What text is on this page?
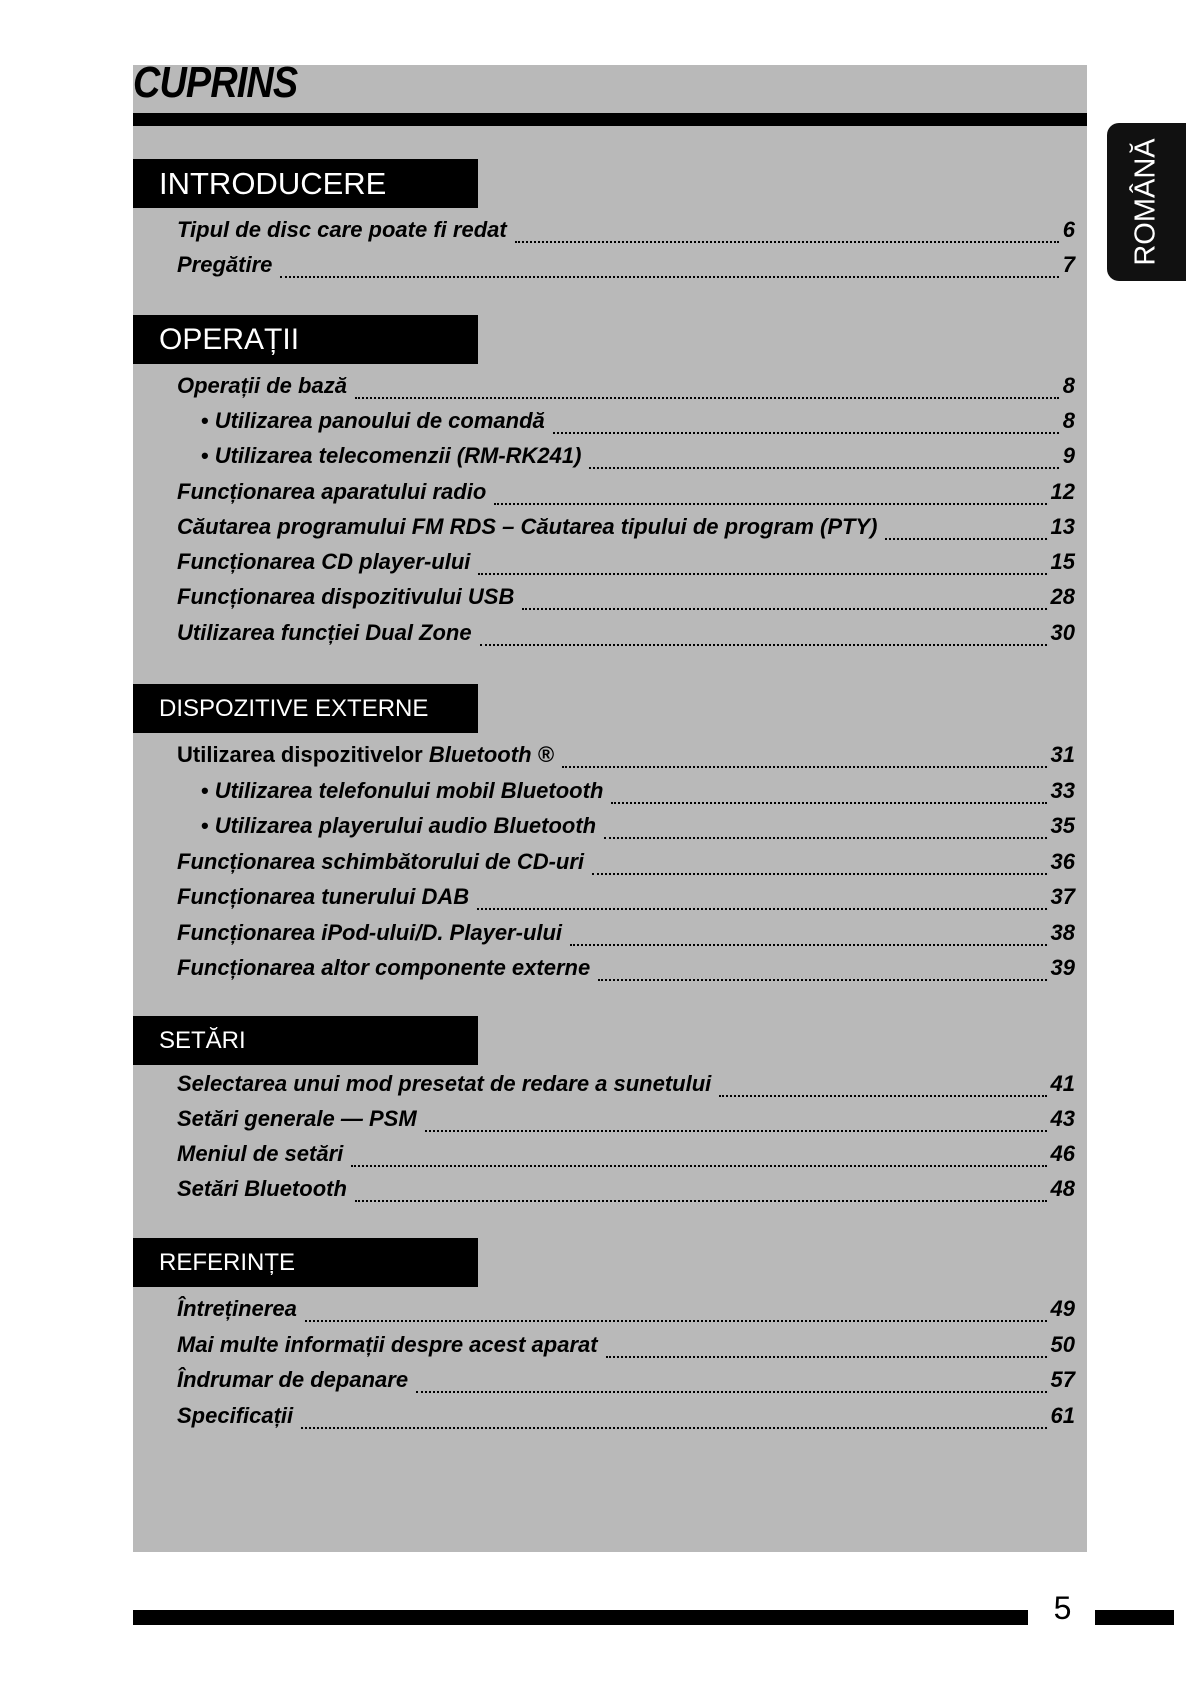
CUPRINS
ROMÂNĂ
INTRODUCERE
Tipul de disc care poate fi redat	6
Pregătire	7
OPERAȚII
Operații de bază	8
• Utilizarea panoului de comandă	8
• Utilizarea telecomenzii (RM-RK241)	9
Funcționarea aparatului radio	12
Căutarea programului FM RDS – Căutarea tipului de program (PTY)	13
Funcționarea CD player-ului	15
Funcționarea dispozitivului USB	28
Utilizarea funcției Dual Zone	30
DISPOZITIVE EXTERNE
Utilizarea dispozitivelor Bluetooth ®	31
• Utilizarea telefonului mobil Bluetooth	33
• Utilizarea playerului audio Bluetooth	35
Funcționarea schimbătorului de CD-uri	36
Funcționarea tunerului DAB	37
Funcționarea iPod-ului/D. Player-ului	38
Funcționarea altor componente externe	39
SETĂRI
Selectarea unui mod presetat de redare a sunetului	41
Setări generale — PSM	43
Meniul de setări	46
Setări Bluetooth	48
REFERINȚE
Întreținerea	49
Mai multe informații despre acest aparat	50
Îndrumar de depanare	57
Specificații	61
5
